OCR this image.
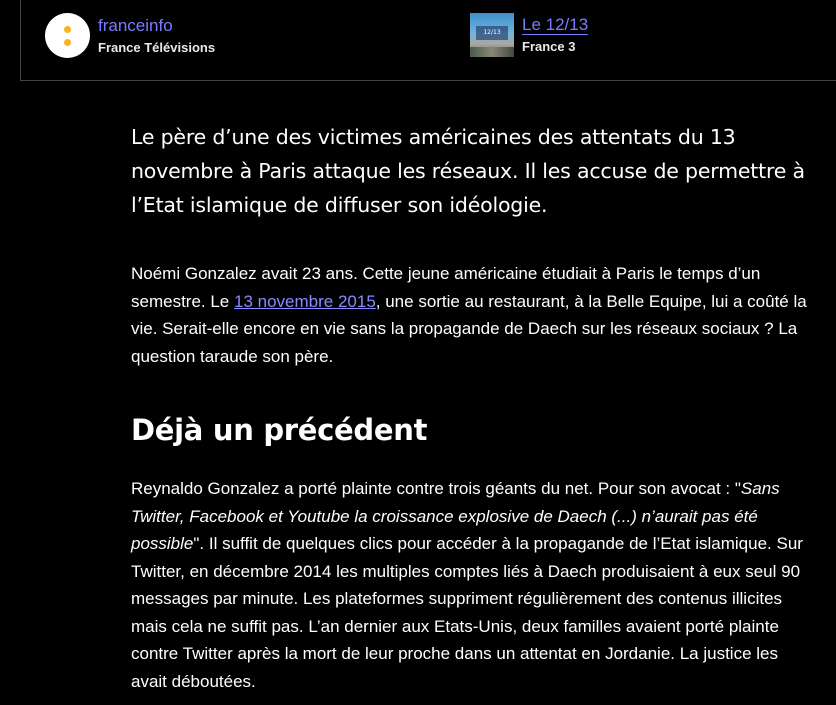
franceinfo
France Télévisions
12/13	Le 12/13
France 3
Le père d’une des victimes américaines des attentats du 13 novembre à Paris attaque les réseaux. Il les accuse de permettre à l’Etat islamique de diffuser son idéologie.

Noémi Gonzalez avait 23 ans. Cette jeune américaine étudiait à Paris le temps d’un semestre. Le 13 novembre 2015, une sortie au restaurant, à la Belle Equipe, lui a coûté la vie. Serait-elle encore en vie sans la propagande de Daech sur les réseaux sociaux ? La question taraude son père.

Déjà un précédent

Reynaldo Gonzalez a porté plainte contre trois géants du net. Pour son avocat : "Sans Twitter, Facebook et Youtube la croissance explosive de Daech (...) n’aurait pas été possible". Il suffit de quelques clics pour accéder à la propagande de l’Etat islamique. Sur Twitter, en décembre 2014 les multiples comptes liés à Daech produisaient à eux seul 90 messages par minute. Les plateformes suppriment régulièrement des contenus illicites mais cela ne suffit pas. L’an dernier aux Etats-Unis, deux familles avaient porté plainte contre Twitter après la mort de leur proche dans un attentat en Jordanie. La justice les avait déboutées.
